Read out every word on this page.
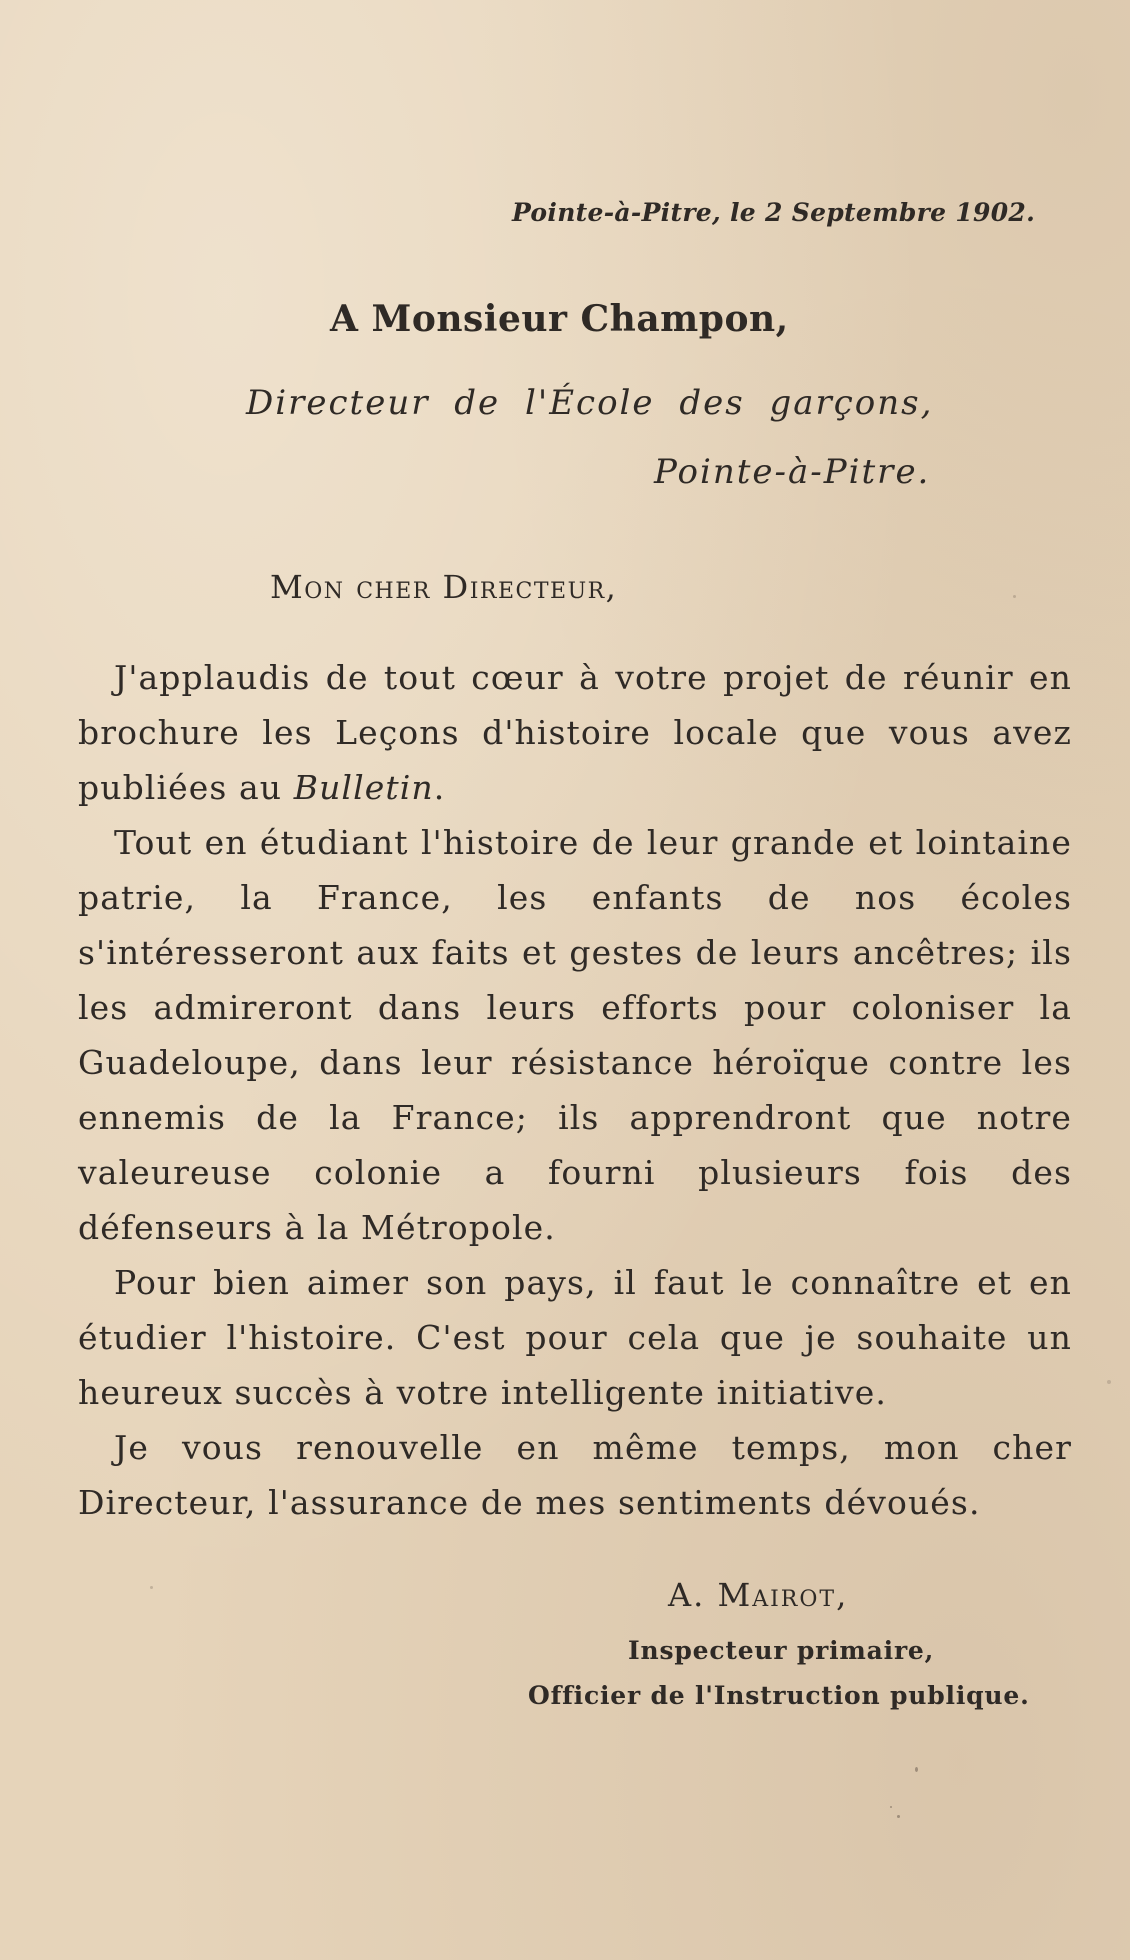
Pointe-à-Pitre, le 2 Septembre 1902.
A Monsieur Champon,
Directeur de l'École des garçons,
Pointe-à-Pitre.
Mon cher Directeur,

J'applaudis de tout cœur à votre projet de réunir en brochure les Leçons d'histoire locale que vous avez publiées au Bulletin.

Tout en étudiant l'histoire de leur grande et lointaine patrie, la France, les enfants de nos écoles s'intéresseront aux faits et gestes de leurs ancêtres; ils les admireront dans leurs efforts pour coloniser la Guadeloupe, dans leur résistance héroïque contre les ennemis de la France; ils apprendront que notre valeureuse colonie a fourni plusieurs fois des défenseurs à la Métropole.

Pour bien aimer son pays, il faut le connaître et en étudier l'histoire. C'est pour cela que je souhaite un heureux succès à votre intelligente initiative.

Je vous renouvelle en même temps, mon cher Directeur, l'assurance de mes sentiments dévoués.

A. Mairot,
Inspecteur primaire,
Officier de l'Instruction publique.
